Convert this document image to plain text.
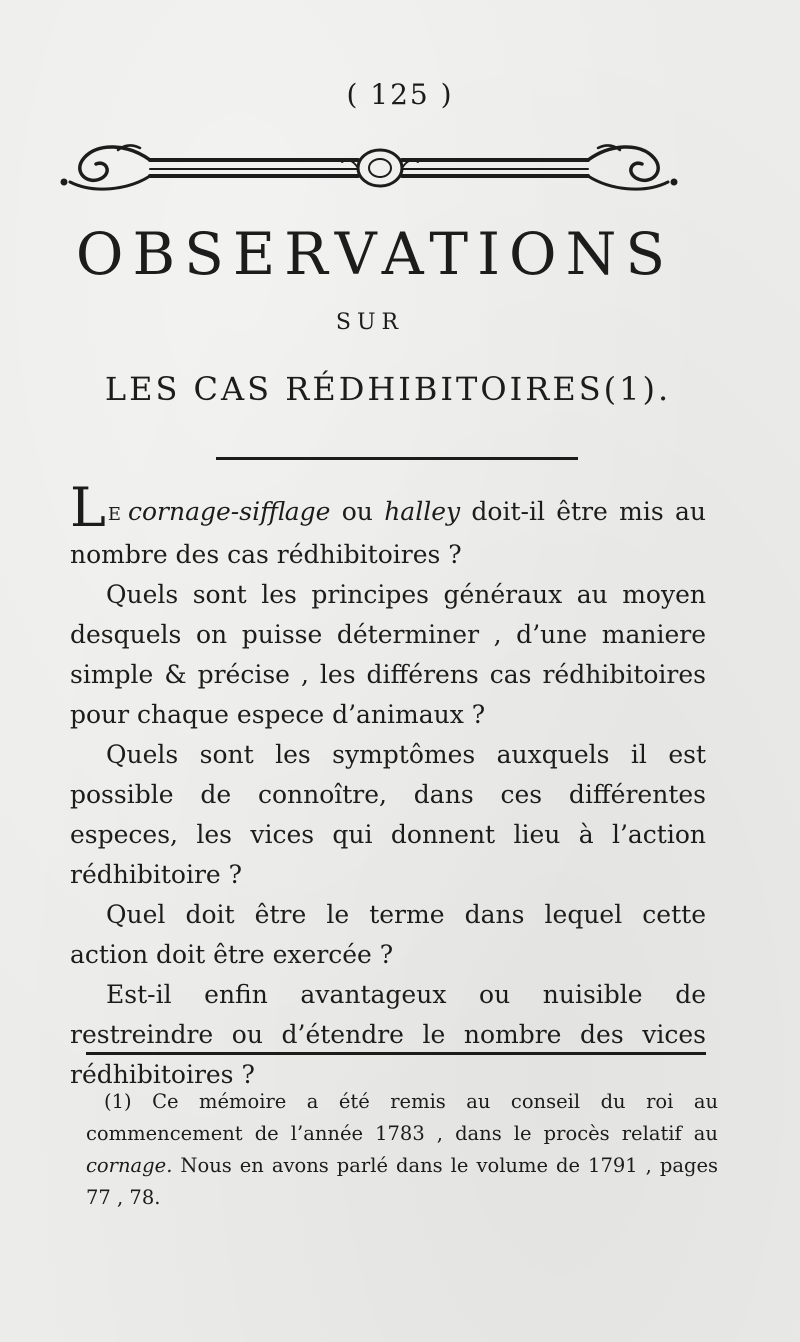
( 125 )
OBSERVATIONS
SUR
LES CAS RÉDHIBITOIRES(1).

L E cornage-sifflage ou halley doit-il être mis au nombre des cas rédhibitoires ?

Quels sont les principes généraux au moyen desquels on puisse déterminer , d’une maniere simple & précise , les différens cas rédhibitoires pour chaque espece d’animaux ?

Quels sont les symptômes auxquels il est possible de connoître, dans ces différentes especes, les vices qui donnent lieu à l’action rédhibitoire ?

Quel doit être le terme dans lequel cette action doit être exercée ?

Est-il enfin avantageux ou nuisible de restreindre ou d’étendre le nombre des vices rédhibitoires ?

(1) Ce mémoire a été remis au conseil du roi au commencement de l’année 1783 , dans le procès relatif au cornage. Nous en avons parlé dans le volume de 1791 , pages 77 , 78.
